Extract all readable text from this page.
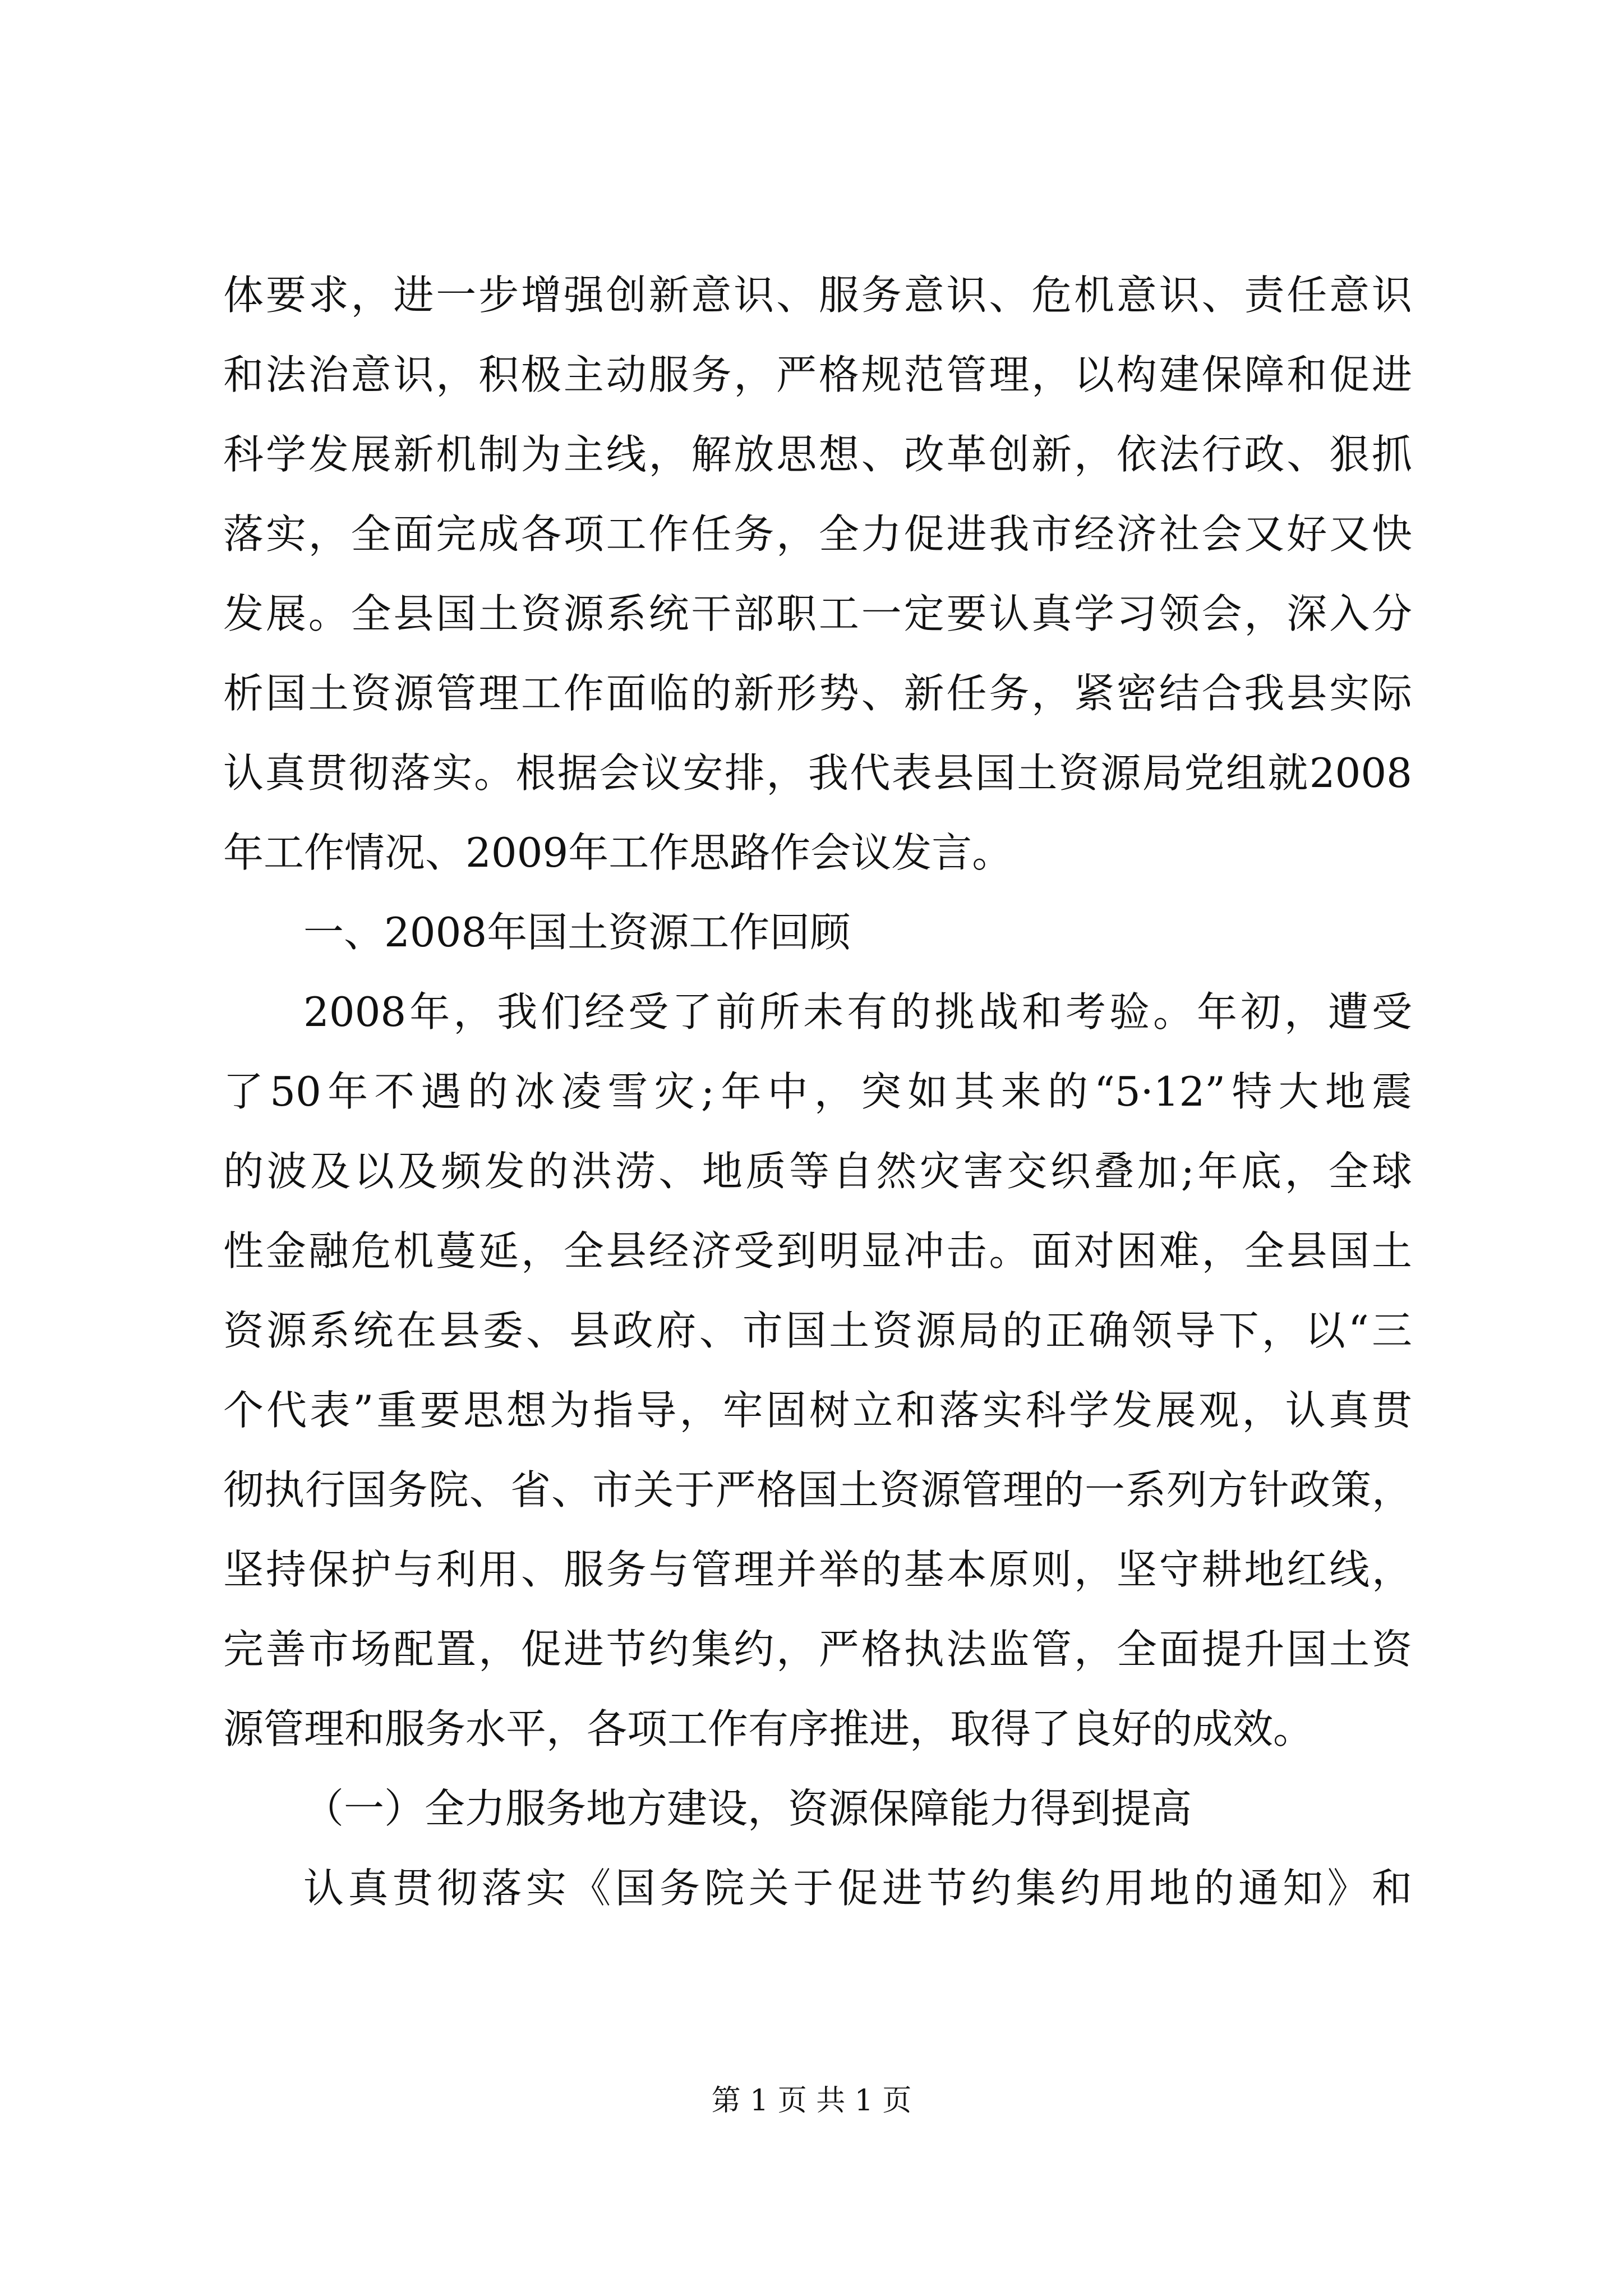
体要求，进一步增强创新意识、服务意识、危机意识、责任意识
和法治意识，积极主动服务，严格规范管理，以构建保障和促进
科学发展新机制为主线，解放思想、改革创新，依法行政、狠抓
落实，全面完成各项工作任务，全力促进我市经济社会又好又快
发展。全县国土资源系统干部职工一定要认真学习领会，深入分
析国土资源管理工作面临的新形势、新任务，紧密结合我县实际
认真贯彻落实。根据会议安排，我代表县国土资源局党组就2008
年工作情况、2009年工作思路作会议发言。
一、2008年国土资源工作回顾
2008年，我们经受了前所未有的挑战和考验。年初，遭受
了50年不遇的冰凌雪灾;年中，突如其来的“5·12”特大地震
的波及以及频发的洪涝、地质等自然灾害交织叠加;年底，全球
性金融危机蔓延，全县经济受到明显冲击。面对困难，全县国土
资源系统在县委、县政府、市国土资源局的正确领导下，以“三
个代表”重要思想为指导，牢固树立和落实科学发展观，认真贯
彻执行国务院、省、市关于严格国土资源管理的一系列方针政策，
坚持保护与利用、服务与管理并举的基本原则，坚守耕地红线，
完善市场配置，促进节约集约，严格执法监管，全面提升国土资
源管理和服务水平，各项工作有序推进，取得了良好的成效。
（一）全力服务地方建设，资源保障能力得到提高
认真贯彻落实《国务院关于促进节约集约用地的通知》和
第 1 页 共 1 页
